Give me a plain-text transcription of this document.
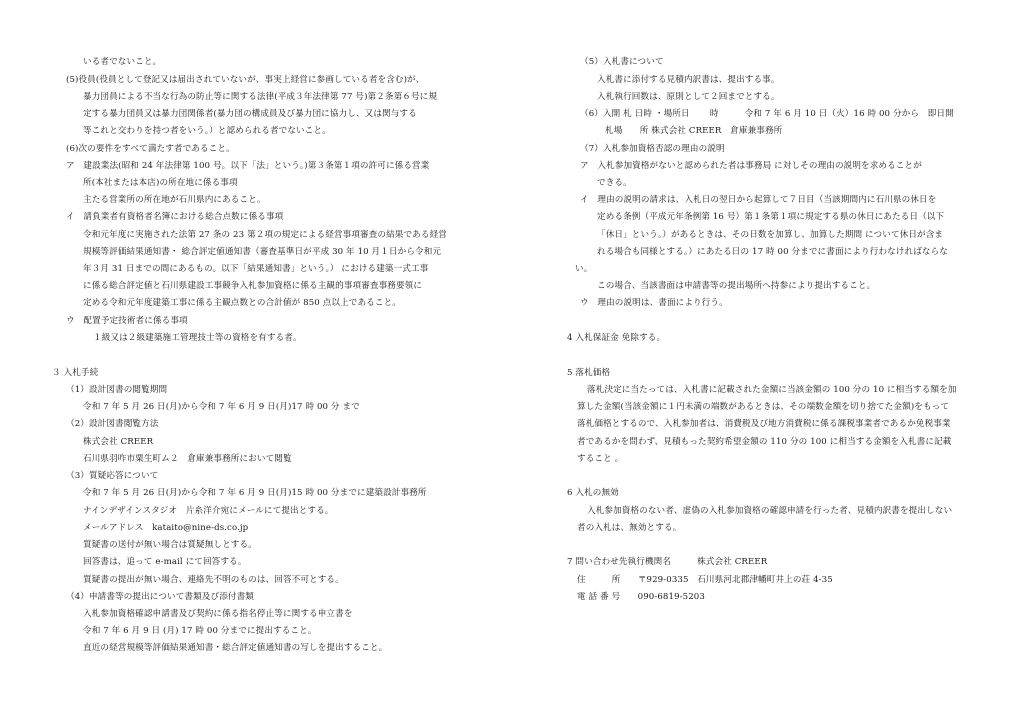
いる者でないこと。
(5)役員(役員として登記又は届出されていないが、事実上経営に参画している者を含む)が、
暴力団員による不当な行為の防止等に関する法律(平成３年法律第 77 号)第２条第６号に規
定する暴力団員又は暴力団関係者(暴力団の構成員及び暴力団に協力し、又は関与する
等これと交わりを持つ者をいう。）と認められる者でないこと。
(6)次の要件をすべて満たす者であること。
ア　建設業法(昭和 24 年法律第 100 号。以下「法」という。)第３条第１項の許可に係る営業
所(本社または本店)の所在地に係る事項
主たる営業所の所在地が石川県内にあること。
イ　請負業者有資格者名簿における総合点数に係る事項
令和元年度に実施された法第 27 条の 23 第２項の規定による経営事項審査の結果である経営
規模等評価結果通知書・ 総合評定値通知書（審査基準日が平成 30 年 10 月１日から令和元
年３月 31 日までの間にあるもの。以下「結果通知書」という。） における建築一式工事
に係る総合評定値と石川県建設工事競争入札参加資格に係る主観的事項審査事務要領に
定める令和元年度建築工事に係る主観点数との合計値が 850 点以上であること。
ウ　配置予定技術者に係る事項
１級又は２級建築施工管理技士等の資格を有する者。
３ 入札手続
（1）設計図書の閲覧期間
令和 7 年 5 月 26 日(月)から令和 7 年 6 月 9 日(月)17 時 00 分 まで
（2）設計図書閲覧方法
株式会社 CREER
石川県羽咋市粟生町ム２　倉庫兼事務所において閲覧
（3）質疑応答について
令和 7 年 5 月 26 日(月)から令和 7 年 6 月 9 日(月)15 時 00 分までに建築設計事務所
ナインデザインスタジオ　片糸洋介宛にメールにて提出とする。
メールアドレス　kataito@nine-ds.co.jp
質疑書の送付が無い場合は質疑無しとする。
回答書は、追って e-mail にて回答する。
質疑書の提出が無い場合、連絡先不明のものは、回答不可とする。
（4）申請書等の提出について書類及び添付書類
入札参加資格確認申請書及び契約に係る指名停止等に関する申立書を
令和 7 年 6 月 9 日 (月) 17 時 00 分までに提出すること。
直近の経営規模等評価結果通知書・総合評定値通知書の写しを提出すること。
（5）入札書について
入札書に添付する見積内訳書は、提出する事。
入札執行回数は、原則として２回までとする。
（6）入開 札 日時 ・場所日　　 時　　　令和 7 年 6 月 10 日（火）16 時 00 分から　即日開
札場　　所 株式会社 CREER　倉庫兼事務所
（7）入札参加資格否認の理由の説明
ア　入札参加資格がないと認められた者は事務局 に対しその理由の説明を求めることが
できる。
イ　理由の説明の請求は、入札日の翌日から起算して７日目（当該期間内に石川県の休日を
定める条例（平成元年条例第 16 号）第１条第１項に規定する県の休日にあたる日（以下
「休日」という。）があるときは、その日数を加算し、加算した期間 について休日が含ま
れる場合も同様とする。）にあたる日の 17 時 00 分までに書面により行わなければならな
い。
この場合、当該書面は申請書等の提出場所へ持参により提出すること。
ウ　理由の説明は、書面により行う。
4 入札保証金 免除する。
5 落札価格
落札決定に当たっては、入札書に記載された金額に当該金額の 100 分の 10 に相当する額を加
算した金額(当該金額に１円未満の端数があるときは、その端数金額を切り捨てた金額)をもって
落札価格とするので、入札参加者は、消費税及び地方消費税に係る課税事業者であるか免税事業
者であるかを問わず、見積もった契約希望金額の 110 分の 100 に相当する金額を入札書に記載
すること 。
6 入札の無効
入札参加資格のない者、虚偽の入札参加資格の確認申請を行った者、見積内訳書を提出しない
者の入札は、無効とする。
7 問い合わせ先執行機関名　　　株式会社 CREER
住　　　所　　〒929-0335　石川県河北郡津幡町井上の荘 4-35
電 話 番 号　　090-6819-5203
